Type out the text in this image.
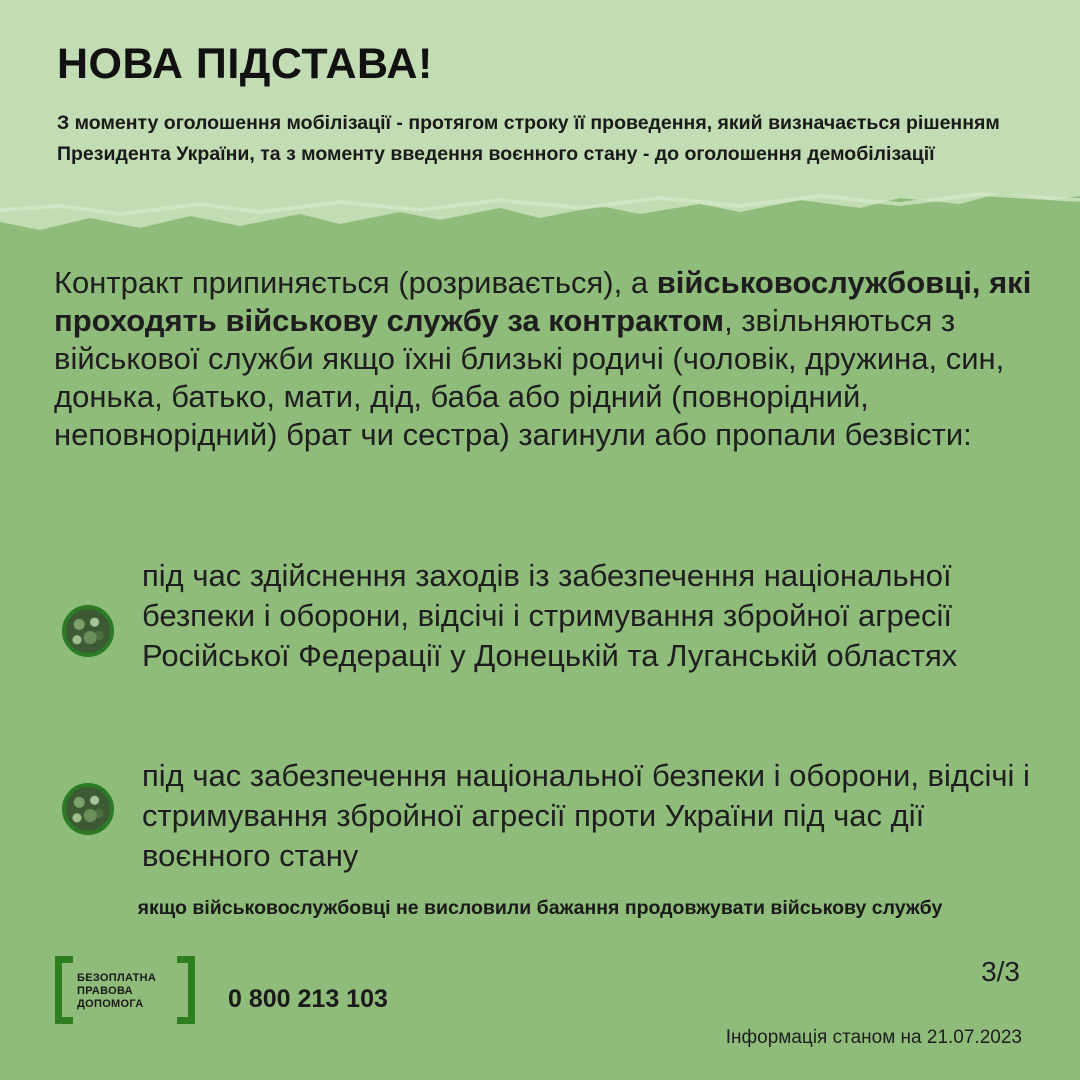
НОВА ПІДСТАВА!

З моменту оголошення мобілізації - протягом строку її проведення, який визначається рішенням Президента України, та з моменту введення воєнного стану - до оголошення демобілізації

Контракт припиняється (розривається), а військовослужбовці, які проходять військову службу за контрактом, звільняються з військової служби якщо їхні близькі родичі (чоловік, дружина, син, донька, батько, мати, дід, баба або рідний (повнорідний, неповнорідний) брат чи сестра) загинули або пропали безвісти:

під час здійснення заходів із забезпечення національної безпеки і оборони, відсічі і стримування збройної агресії Російської Федерації у Донецькій та Луганській областях

під час забезпечення національної безпеки і оборони, відсічі і стримування збройної агресії проти України під час дії воєнного стану

якщо військовослужбовці не висловили бажання продовжувати військову службу

БЕЗОПЛАТНА ПРАВОВА ДОПОМОГА	0 800 213 103

3/3

Інформація станом на 21.07.2023
